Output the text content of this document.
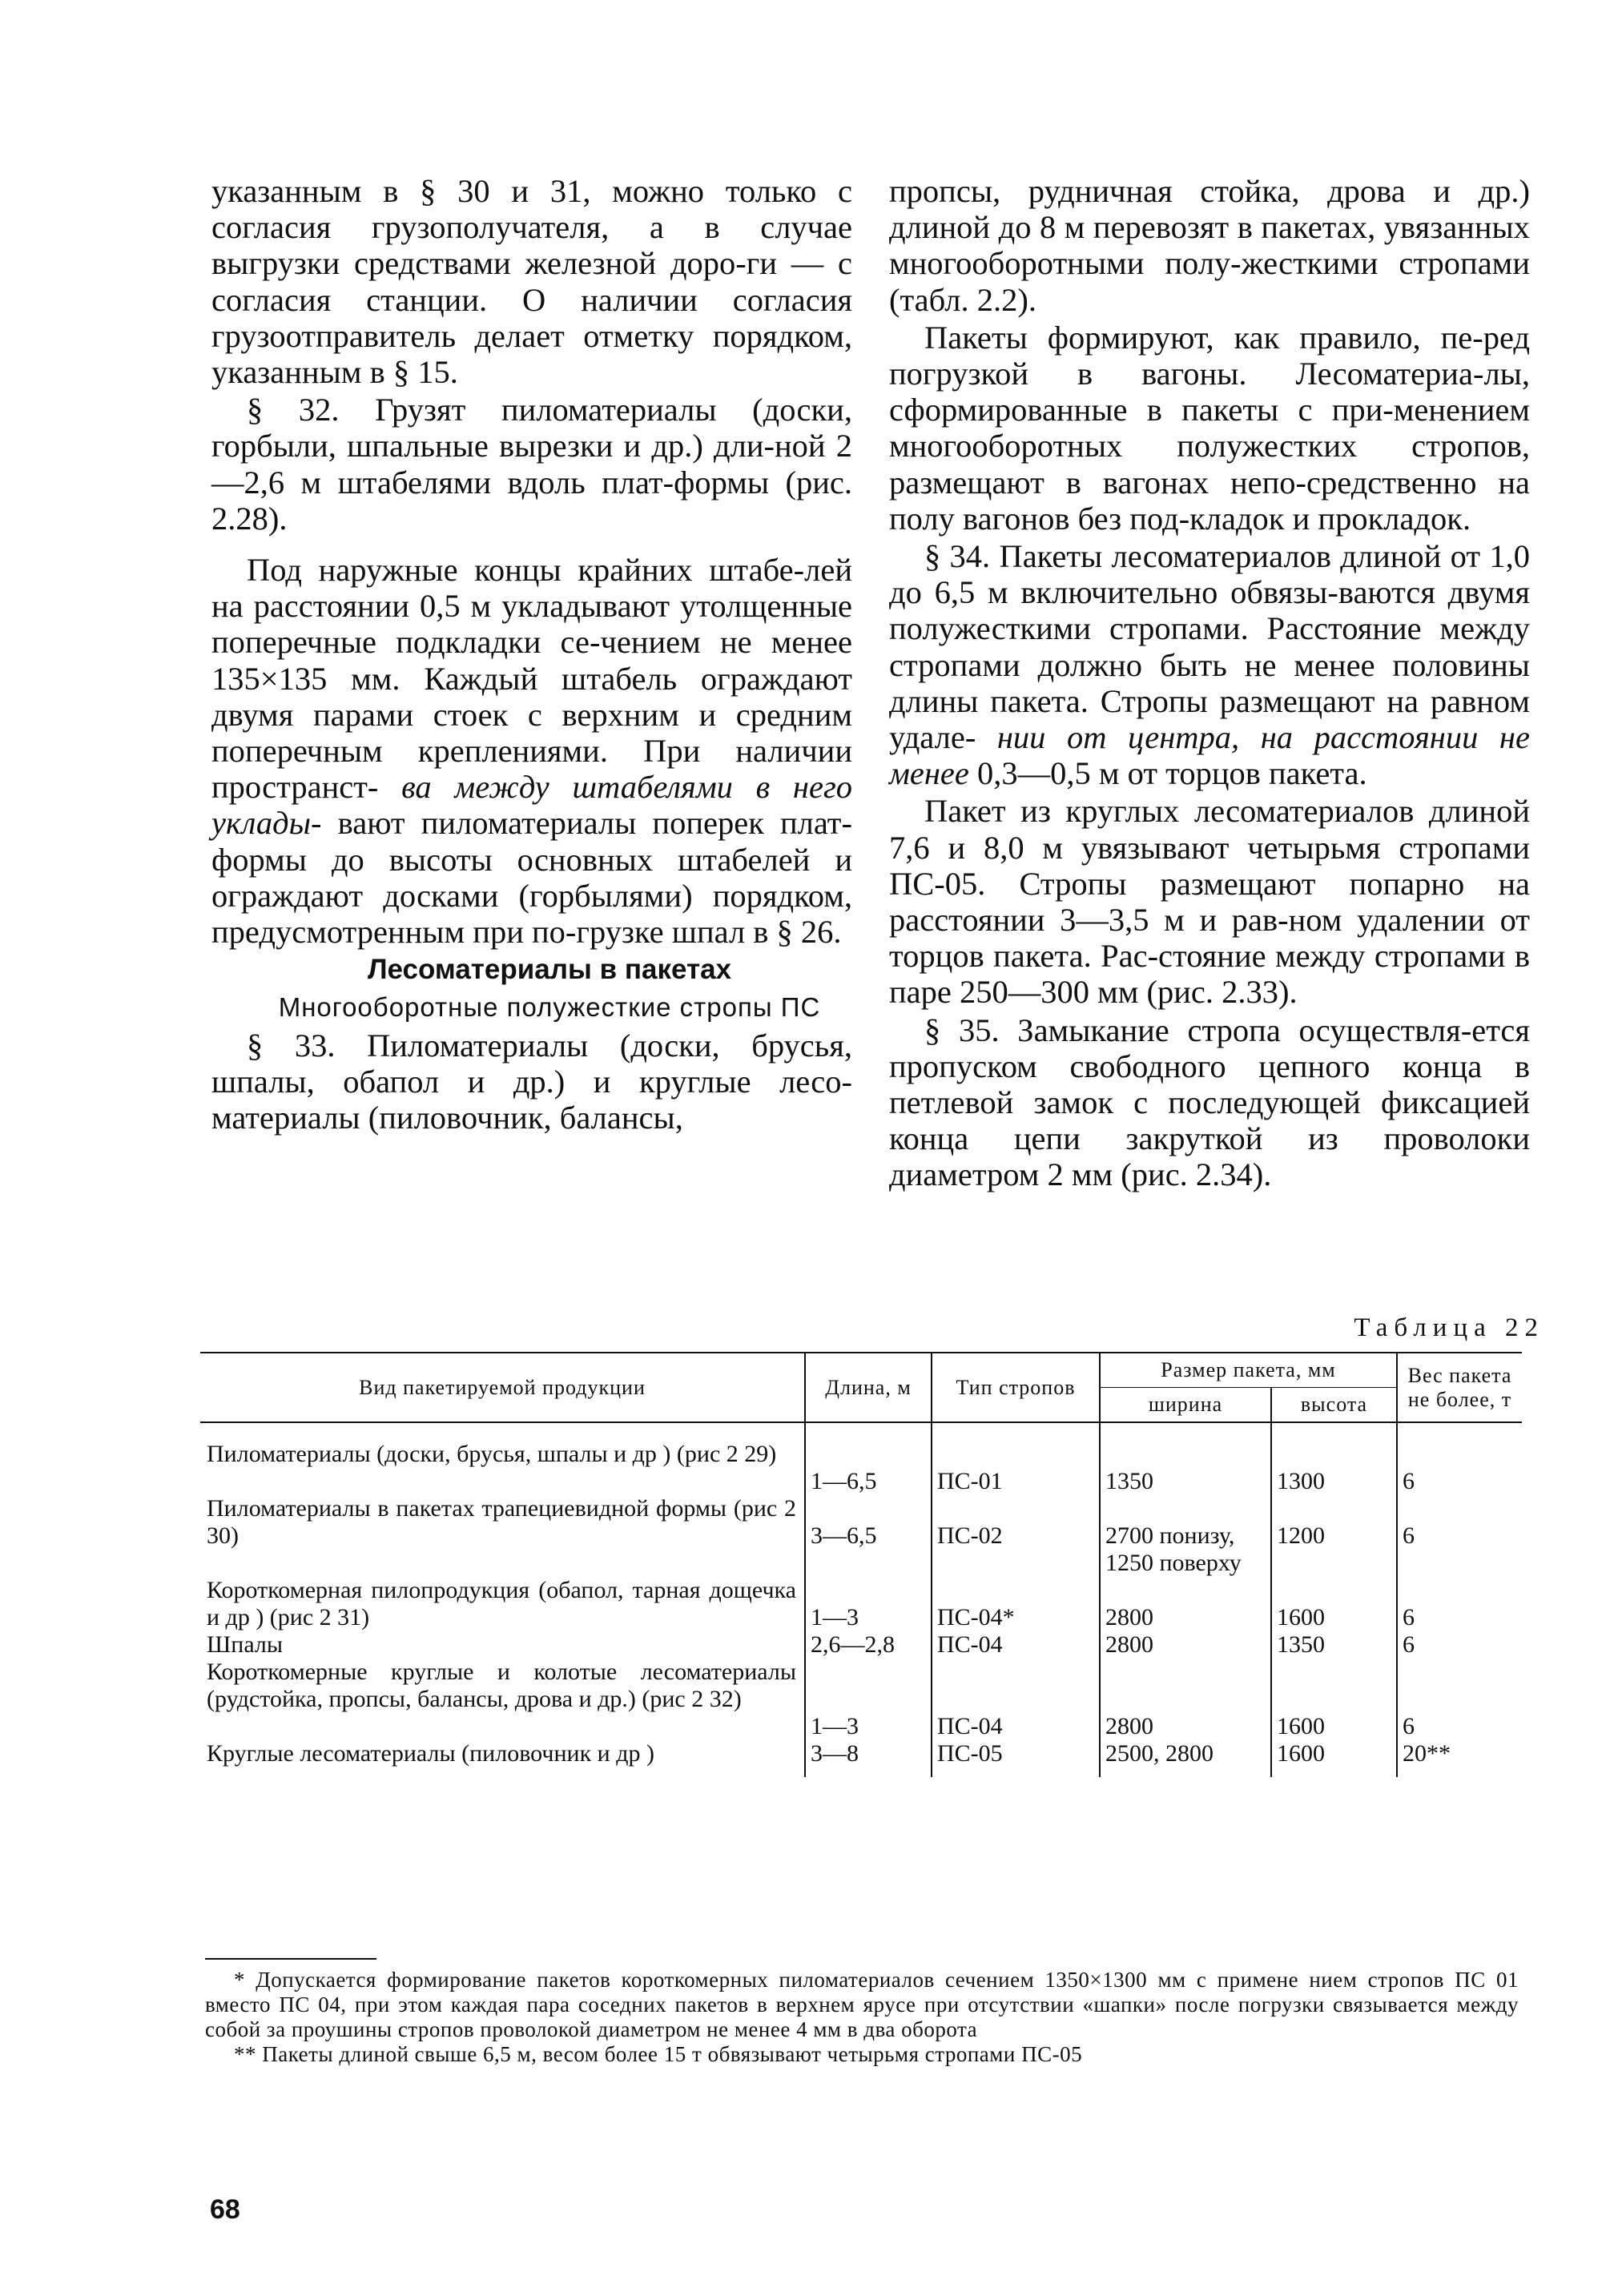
указанным в § 30 и 31, можно только с согласия грузополучателя, а в случае выгрузки средствами железной доро-ги — с согласия станции. О наличии согласия грузоотправитель делает отметку порядком, указанным в § 15.

§ 32. Грузят пиломатериалы (доски, горбыли, шпальные вырезки и др.) дли-ной 2—2,6 м штабелями вдоль плат-формы (рис. 2.28).

Под наружные концы крайних штабе-лей на расстоянии 0,5 м укладывают утолщенные поперечные подкладки се-чением не менее 135×135 мм. Каждый штабель ограждают двумя парами стоек с верхним и средним поперечным креплениями. При наличии пространст- ва между штабелями в него уклады- вают пиломатериалы поперек плат-формы до высоты основных штабелей и ограждают досками (горбылями) порядком, предусмотренным при по-грузке шпал в § 26.

Лесоматериалы в пакетах

Многооборотные полужесткие стропы ПС

§ 33. Пиломатериалы (доски, брусья, шпалы, обапол и др.) и круглые лесо-материалы (пиловочник, балансы,

пропсы, рудничная стойка, дрова и др.) длиной до 8 м перевозят в пакетах, увязанных многооборотными полу-жесткими стропами (табл. 2.2).

Пакеты формируют, как правило, пе-ред погрузкой в вагоны. Лесоматериа-лы, сформированные в пакеты с при-менением многооборотных полужестких стропов, размещают в вагонах непо-средственно на полу вагонов без под-кладок и прокладок.

§ 34. Пакеты лесоматериалов длиной от 1,0 до 6,5 м включительно обвязы-ваются двумя полужесткими стропами. Расстояние между стропами должно быть не менее половины длины пакета. Стропы размещают на равном удале- нии от центра, на расстоянии не менее 0,3—0,5 м от торцов пакета.

Пакет из круглых лесоматериалов длиной 7,6 и 8,0 м увязывают четырьмя стропами ПС-05. Стропы размещают попарно на расстоянии 3—3,5 м и рав-ном удалении от торцов пакета. Рас-стояние между стропами в паре 250—300 мм (рис. 2.33).

§ 35. Замыкание стропа осуществля-ется пропуском свободного цепного конца в петлевой замок с последующей фиксацией конца цепи закруткой из проволоки диаметром 2 мм (рис. 2.34).

Таблица 22
Вид пакетируемой продукции	Длина, м	Тип стропов	Размер пакета, мм		Вес пакета не более, т
			ширина	высота	
Пиломатериалы (доски, брусья, шпалы и др ) (рис 2 29)	1—6,5	ПС-01	1350	1300	6
Пиломатериалы в пакетах трапециевидной формы (рис 2 30)	3—6,5	ПС-02	2700 понизу, 1250 поверху	1200	6
Короткомерная пилопродукция (обапол, тарная дощечка и др ) (рис 2 31)	1—3	ПС-04*	2800	1600	6
Шпалы	2,6—2,8	ПС-04	2800	1350	6
Короткомерные круглые и колотые лесоматериалы (рудстойка, пропсы, балансы, дрова и др.) (рис 2 32)	1—3	ПС-04	2800	1600	6
Круглые лесоматериалы (пиловочник и др )	3—8	ПС-05	2500, 2800	1600	20**

* Допускается формирование пакетов короткомерных пиломатериалов сечением 1350×1300 мм с примене нием стропов ПС 01 вместо ПС 04, при этом каждая пара соседних пакетов в верхнем ярусе при отсутствии «шапки» после погрузки связывается между собой за проушины стропов проволокой диаметром не менее 4 мм в два оборота

** Пакеты длиной свыше 6,5 м, весом более 15 т обвязывают четырьмя стропами ПС-05

68
